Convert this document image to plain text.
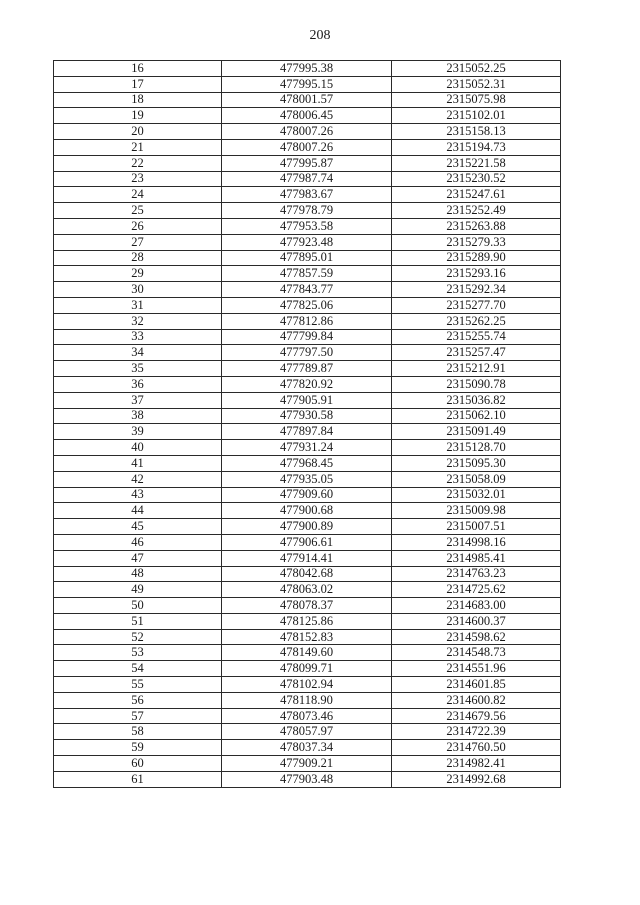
208
16	477995.38	2315052.25
17	477995.15	2315052.31
18	478001.57	2315075.98
19	478006.45	2315102.01
20	478007.26	2315158.13
21	478007.26	2315194.73
22	477995.87	2315221.58
23	477987.74	2315230.52
24	477983.67	2315247.61
25	477978.79	2315252.49
26	477953.58	2315263.88
27	477923.48	2315279.33
28	477895.01	2315289.90
29	477857.59	2315293.16
30	477843.77	2315292.34
31	477825.06	2315277.70
32	477812.86	2315262.25
33	477799.84	2315255.74
34	477797.50	2315257.47
35	477789.87	2315212.91
36	477820.92	2315090.78
37	477905.91	2315036.82
38	477930.58	2315062.10
39	477897.84	2315091.49
40	477931.24	2315128.70
41	477968.45	2315095.30
42	477935.05	2315058.09
43	477909.60	2315032.01
44	477900.68	2315009.98
45	477900.89	2315007.51
46	477906.61	2314998.16
47	477914.41	2314985.41
48	478042.68	2314763.23
49	478063.02	2314725.62
50	478078.37	2314683.00
51	478125.86	2314600.37
52	478152.83	2314598.62
53	478149.60	2314548.73
54	478099.71	2314551.96
55	478102.94	2314601.85
56	478118.90	2314600.82
57	478073.46	2314679.56
58	478057.97	2314722.39
59	478037.34	2314760.50
60	477909.21	2314982.41
61	477903.48	2314992.68
